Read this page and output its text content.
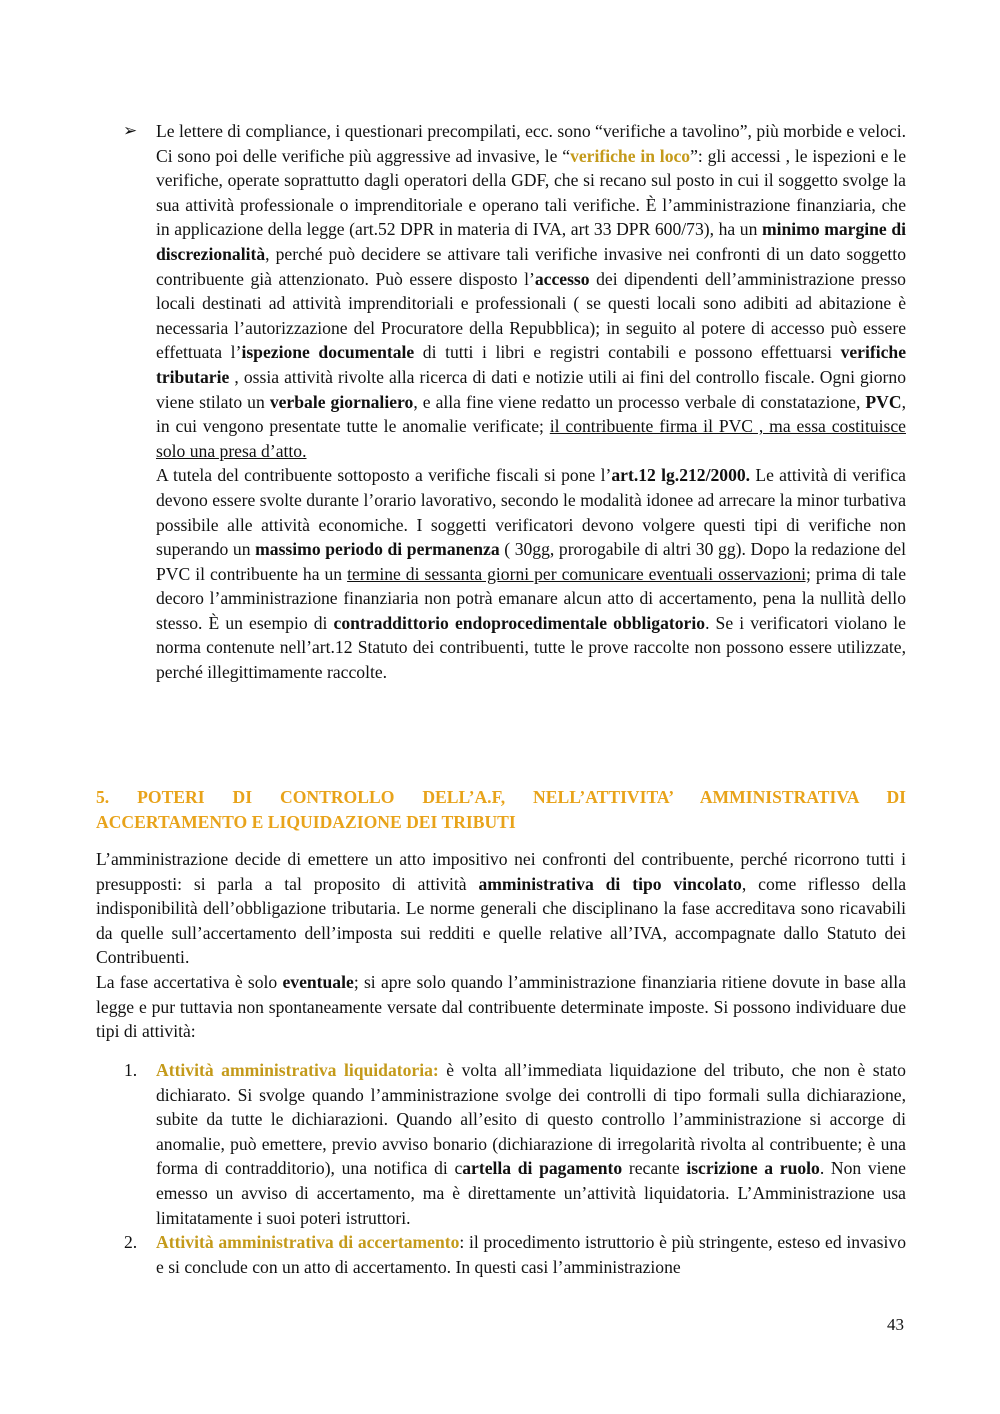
➢ Le lettere di compliance, i questionari precompilati, ecc. sono “verifiche a tavolino”, più morbide e veloci. Ci sono poi delle verifiche più aggressive ad invasive, le “verifiche in loco”: gli accessi , le ispezioni e le verifiche, operate soprattutto dagli operatori della GDF, che si recano sul posto in cui il soggetto svolge la sua attività professionale o imprenditoriale e operano tali verifiche. È l’amministrazione finanziaria, che in applicazione della legge (art.52 DPR in materia di IVA, art 33 DPR 600/73), ha un minimo margine di discrezionalità, perché può decidere se attivare tali verifiche invasive nei confronti di un dato soggetto contribuente già attenzionato. Può essere disposto l’accesso dei dipendenti dell’amministrazione presso locali destinati ad attività imprenditoriali e professionali ( se questi locali sono adibiti ad abitazione è necessaria l’autorizzazione del Procuratore della Repubblica); in seguito al potere di accesso può essere effettuata l’ispezione documentale di tutti i libri e registri contabili e possono effettuarsi verifiche tributarie , ossia attività rivolte alla ricerca di dati e notizie utili ai fini del controllo fiscale. Ogni giorno viene stilato un verbale giornaliero, e alla fine viene redatto un processo verbale di constatazione, PVC, in cui vengono presentate tutte le anomalie verificate; il contribuente firma il PVC , ma essa costituisce solo una presa d’atto.

A tutela del contribuente sottoposto a verifiche fiscali si pone l’art.12 lg.212/2000. Le attività di verifica devono essere svolte durante l’orario lavorativo, secondo le modalità idonee ad arrecare la minor turbativa possibile alle attività economiche. I soggetti verificatori devono volgere questi tipi di verifiche non superando un massimo periodo di permanenza ( 30gg, prorogabile di altri 30 gg). Dopo la redazione del PVC il contribuente ha un termine di sessanta giorni per comunicare eventuali osservazioni; prima di tale decoro l’amministrazione finanziaria non potrà emanare alcun atto di accertamento, pena la nullità dello stesso. È un esempio di contraddittorio endoprocedimentale obbligatorio. Se i verificatori violano le norma contenute nell’art.12 Statuto dei contribuenti, tutte le prove raccolte non possono essere utilizzate, perché illegittimamente raccolte.

5. POTERI DI CONTROLLO DELL’A.F, NELL’ATTIVITA’ AMMINISTRATIVA DI
ACCERTAMENTO E LIQUIDAZIONE DEI TRIBUTI

L’amministrazione decide di emettere un atto impositivo nei confronti del contribuente, perché ricorrono tutti i presupposti: si parla a tal proposito di attività amministrativa di tipo vincolato, come riflesso della indisponibilità dell’obbligazione tributaria. Le norme generali che disciplinano la fase accreditava sono ricavabili da quelle sull’accertamento dell’imposta sui redditi e quelle relative all’IVA, accompagnate dallo Statuto dei Contribuenti.

La fase accertativa è solo eventuale; si apre solo quando l’amministrazione finanziaria ritiene dovute in base alla legge e pur tuttavia non spontaneamente versate dal contribuente determinate imposte. Si possono individuare due tipi di attività:

1. Attività amministrativa liquidatoria: è volta all’immediata liquidazione del tributo, che non è stato dichiarato. Si svolge quando l’amministrazione svolge dei controlli di tipo formali sulla dichiarazione, subite da tutte le dichiarazioni. Quando all’esito di questo controllo l’amministrazione si accorge di anomalie, può emettere, previo avviso bonario (dichiarazione di irregolarità rivolta al contribuente; è una forma di contradditorio), una notifica di cartella di pagamento recante iscrizione a ruolo. Non viene emesso un avviso di accertamento, ma è direttamente un’attività liquidatoria. L’Amministrazione usa limitatamente i suoi poteri istruttori.
2. Attività amministrativa di accertamento: il procedimento istruttorio è più stringente, esteso ed invasivo e si conclude con un atto di accertamento. In questi casi l’amministrazione
43
